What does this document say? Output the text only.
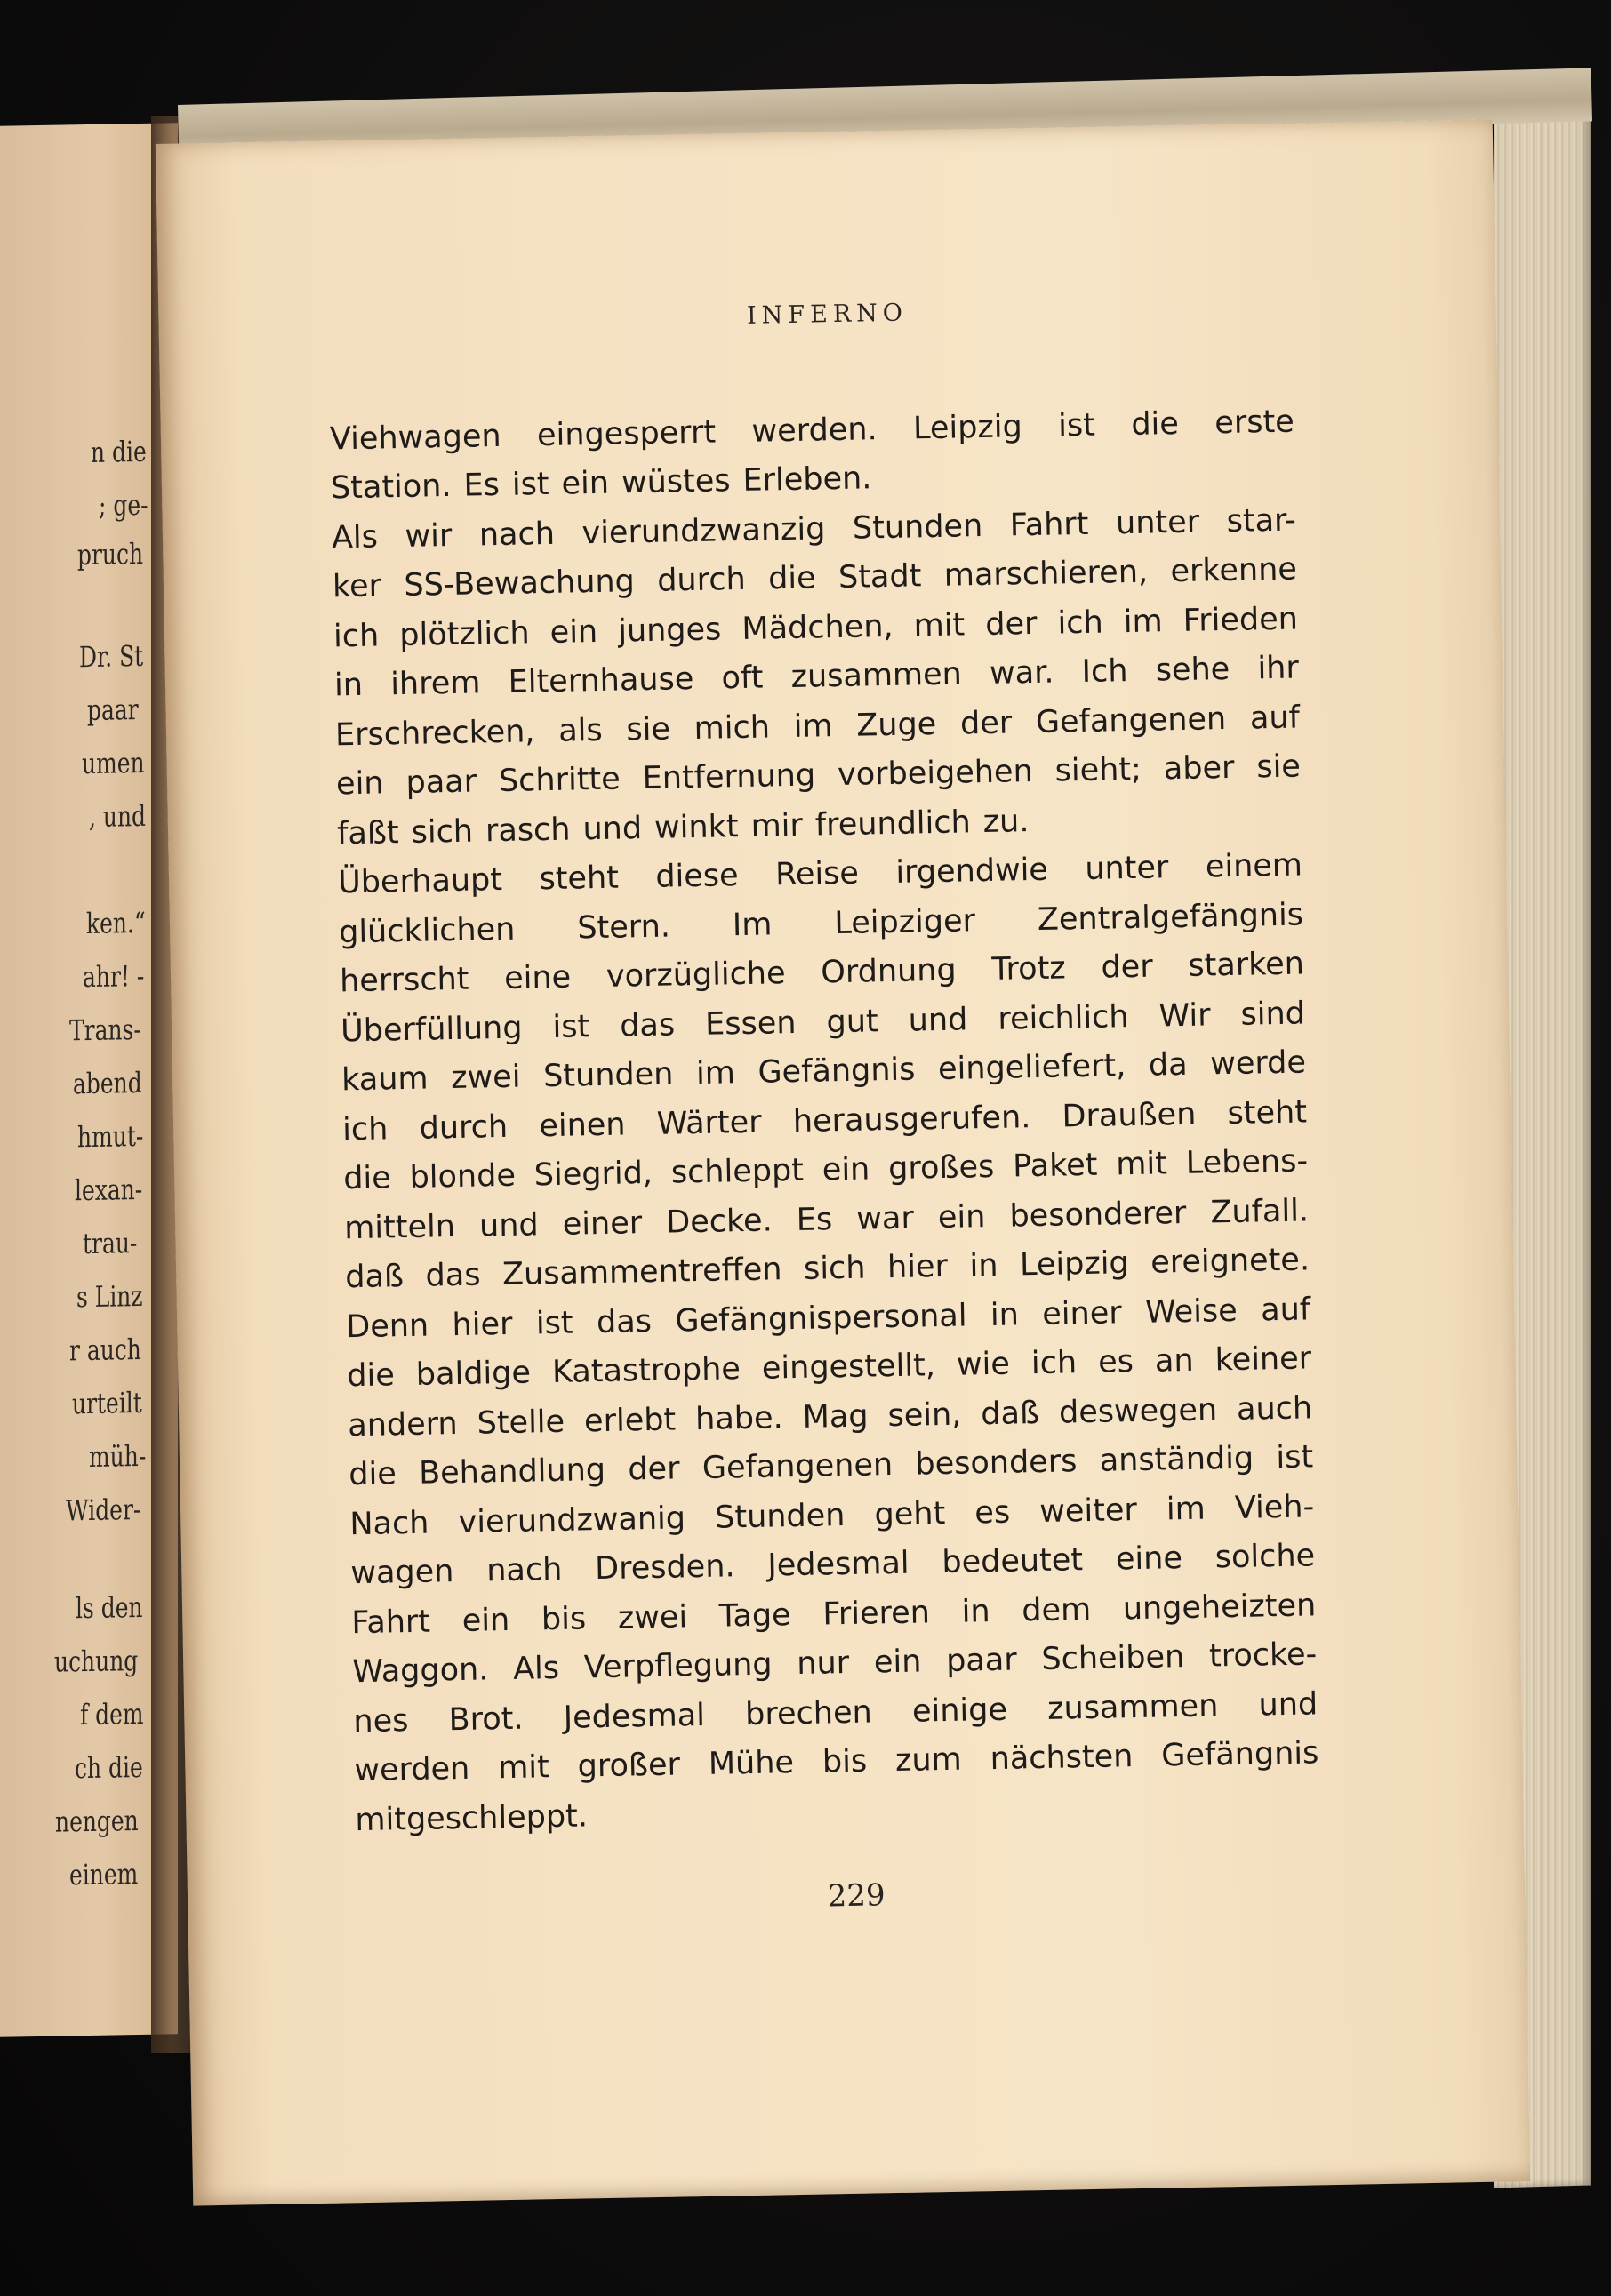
n die
; ge-
pruch
Dr. St
paar
umen
, und
ken.“
ahr! -
Trans-
abend
hmut-
lexan-
trau-
s Linz
r auch
urteilt
müh-
Wider-
ls den
uchung
f dem
ch die
nengen
einem
INFERNO
Viehwagen eingesperrt werden. Leipzig ist die erste
Station. Es ist ein wüstes Erleben.
Als wir nach vierundzwanzig Stunden Fahrt unter star-
ker SS-Bewachung durch die Stadt marschieren, erkenne
ich plötzlich ein junges Mädchen, mit der ich im Frieden
in ihrem Elternhause oft zusammen war. Ich sehe ihr
Erschrecken, als sie mich im Zuge der Gefangenen auf
ein paar Schritte Entfernung vorbeigehen sieht; aber sie
faßt sich rasch und winkt mir freundlich zu.
Überhaupt steht diese Reise irgendwie unter einem
glücklichen Stern. Im Leipziger Zentralgefängnis
herrscht eine vorzügliche Ordnung Trotz der starken
Überfüllung ist das Essen gut und reichlich Wir sind
kaum zwei Stunden im Gefängnis eingeliefert, da werde
ich durch einen Wärter herausgerufen. Draußen steht
die blonde Siegrid, schleppt ein großes Paket mit Lebens-
mitteln und einer Decke. Es war ein besonderer Zufall.
daß das Zusammentreffen sich hier in Leipzig ereignete.
Denn hier ist das Gefängnispersonal in einer Weise auf
die baldige Katastrophe eingestellt, wie ich es an keiner
andern Stelle erlebt habe. Mag sein, daß deswegen auch
die Behandlung der Gefangenen besonders anständig ist
Nach vierundzwanig Stunden geht es weiter im Vieh-
wagen nach Dresden. Jedesmal bedeutet eine solche
Fahrt ein bis zwei Tage Frieren in dem ungeheizten
Waggon. Als Verpflegung nur ein paar Scheiben trocke-
nes Brot. Jedesmal brechen einige zusammen und
werden mit großer Mühe bis zum nächsten Gefängnis
mitgeschleppt.
229
